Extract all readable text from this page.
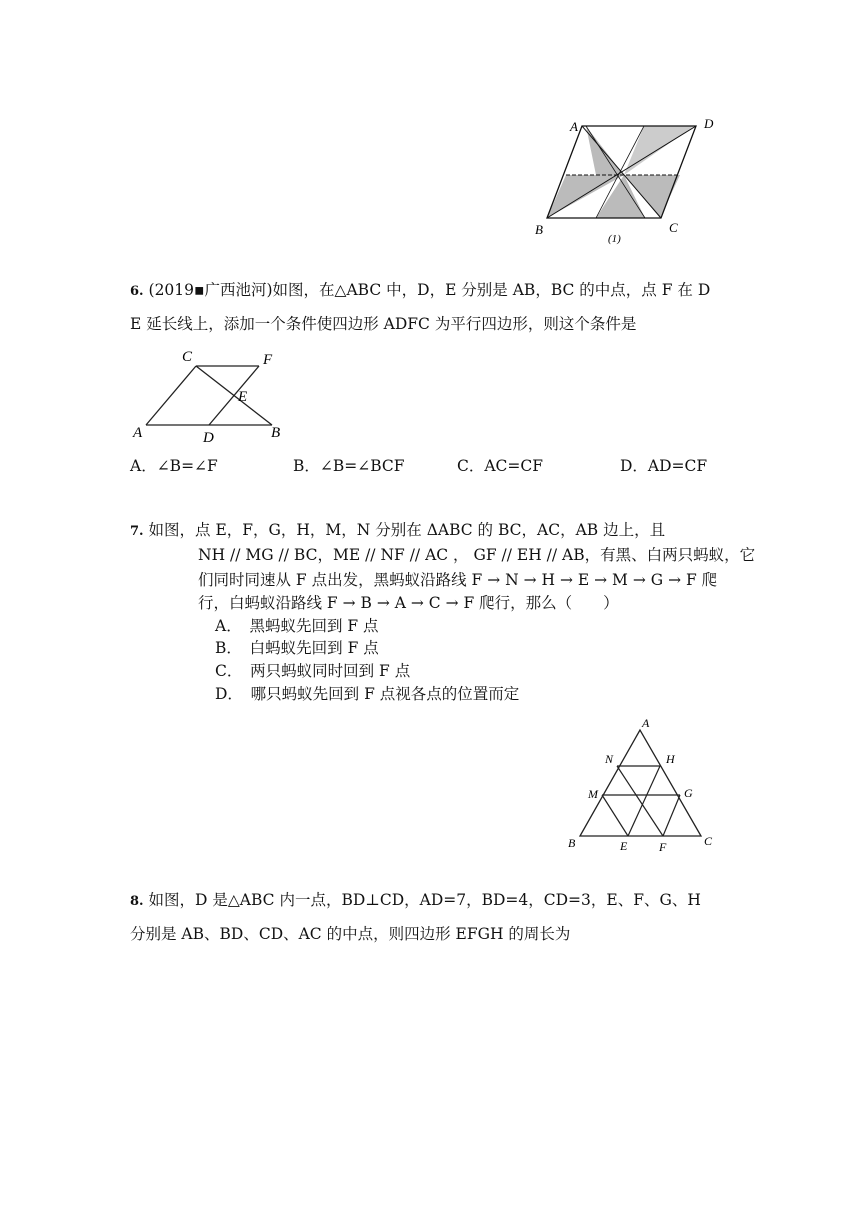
A	D
B	C
(1)
6. (2019▪广西池河)如图，在△ABC 中，D，E 分别是 AB，BC 的中点，点 F 在 D
E 延长线上，添加一个条件使四边形 ADFC 为平行四边形，则这个条件是
C	F
E
A	D	B
A．∠B=∠F	B．∠B=∠BCF	C．AC=CF	D．AD=CF
7. 如图，点 E，F，G，H，M，N 分别在 ΔABC 的 BC，AC，AB 边上，且
NH // MG // BC，ME // NF // AC ， GF // EH // AB，有黑、白两只蚂蚁，它
们同时同速从 F 点出发，黑蚂蚁沿路线 F → N → H → E → M → G → F 爬
行，白蚂蚁沿路线 F → B → A → C → F 爬行，那么（　　）
A．　黑蚂蚁先回到 F 点
B．　白蚂蚁先回到 F 点
C．　两只蚂蚁同时回到 F 点
D．　哪只蚂蚁先回到 F 点视各点的位置而定
A
N	H
M	G
B	E	F	C
8. 如图，D 是△ABC 内一点，BD⊥CD，AD=7，BD=4，CD=3，E、F、G、H
分别是 AB、BD、CD、AC 的中点，则四边形 EFGH 的周长为
